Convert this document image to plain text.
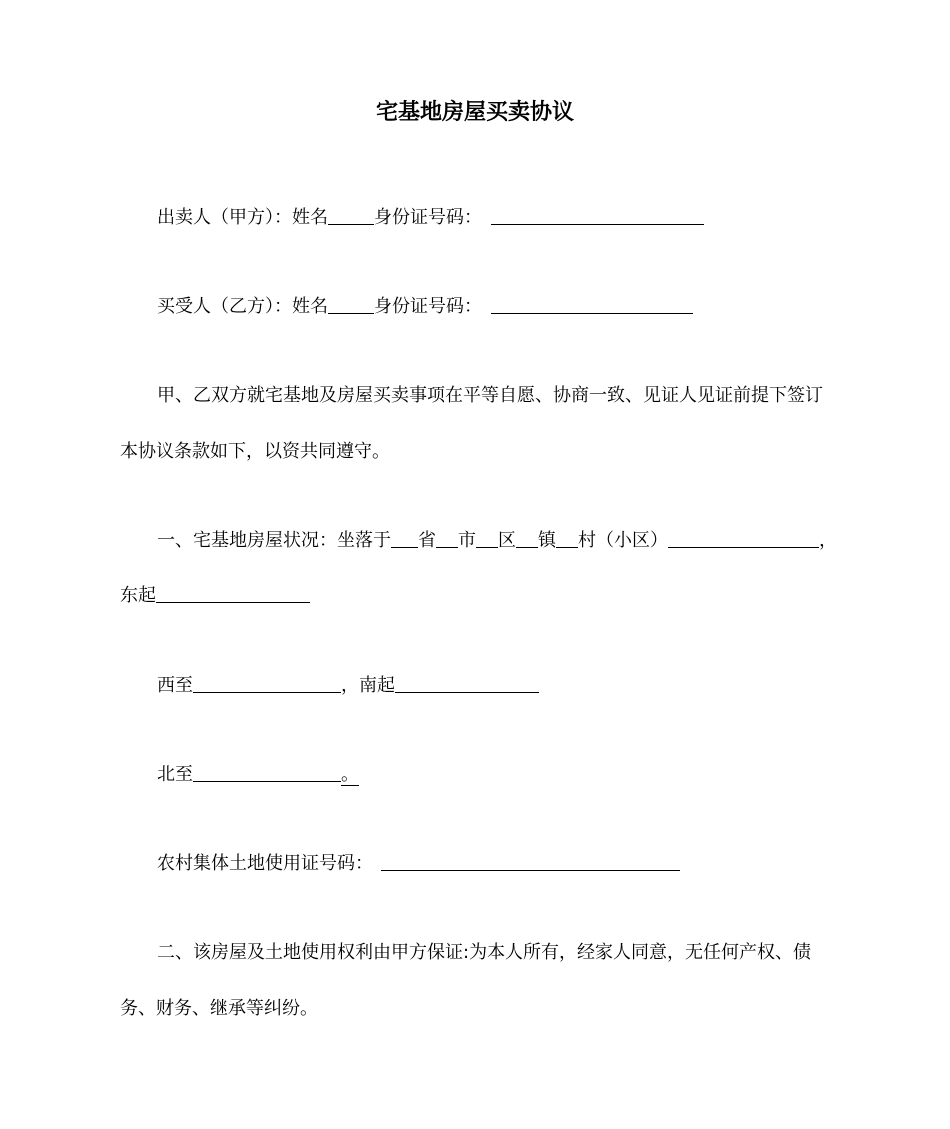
宅基地房屋买卖协议
出卖人（甲方）：姓名	身份证号码：
买受人（乙方）：姓名	身份证号码：
甲、乙双方就宅基地及房屋买卖事项在平等自愿、协商一致、见证人见证前提下签订
本协议条款如下，以资共同遵守。
一、宅基地房屋状况：坐落于 省 市 区 镇 村（小区）	，
东起
西至	，南起
北至	。
农村集体土地使用证号码：
二、该房屋及土地使用权利由甲方保证:为本人所有，经家人同意，无任何产权、债
务、财务、继承等纠纷。
